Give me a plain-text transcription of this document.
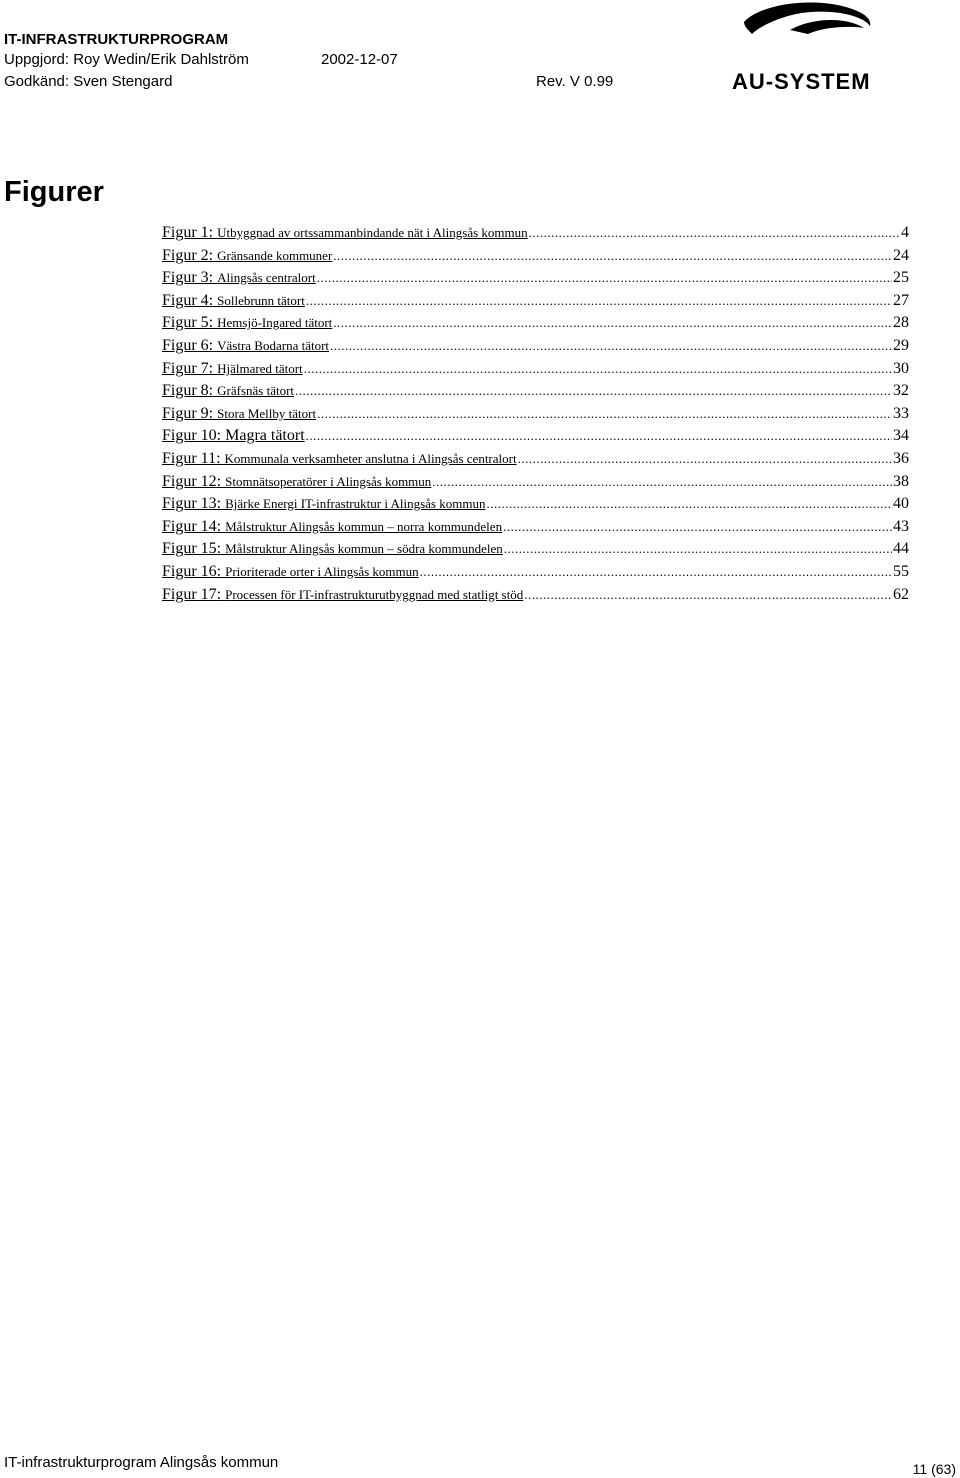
IT-INFRASTRUKTURPROGRAM
Uppgjord: Roy Wedin/Erik Dahlström	2002-12-07
Godkänd: Sven Stengard	Rev. V 0.99	AU-SYSTEM
Figurer
Figur 1: Utbyggnad av ortssammanbindande nät i Alingsås kommun .....	4
Figur 2: Gränsande kommuner .....	24
Figur 3: Alingsås centralort .....	25
Figur 4: Sollebrunn tätort .....	27
Figur 5: Hemsjö-Ingared tätort .....	28
Figur 6: Västra Bodarna tätort .....	29
Figur 7: Hjälmared tätort .....	30
Figur 8: Gräfsnäs tätort .....	32
Figur 9: Stora Mellby tätort .....	33
Figur 10: Magra tätort .....	34
Figur 11: Kommunala verksamheter anslutna i Alingsås centralort .....	36
Figur 12: Stomnätsoperatörer i Alingsås kommun .....	38
Figur 13: Bjärke Energi IT-infrastruktur i Alingsås kommun .....	40
Figur 14: Målstruktur Alingsås kommun – norra kommundelen .....	43
Figur 15: Målstruktur Alingsås kommun – södra kommundelen .....	44
Figur 16: Prioriterade orter i Alingsås kommun .....	55
Figur 17: Processen för IT-infrastrukturutbyggnad med statligt stöd .....	62
IT-infrastrukturprogram Alingsås kommun	11 (63)
